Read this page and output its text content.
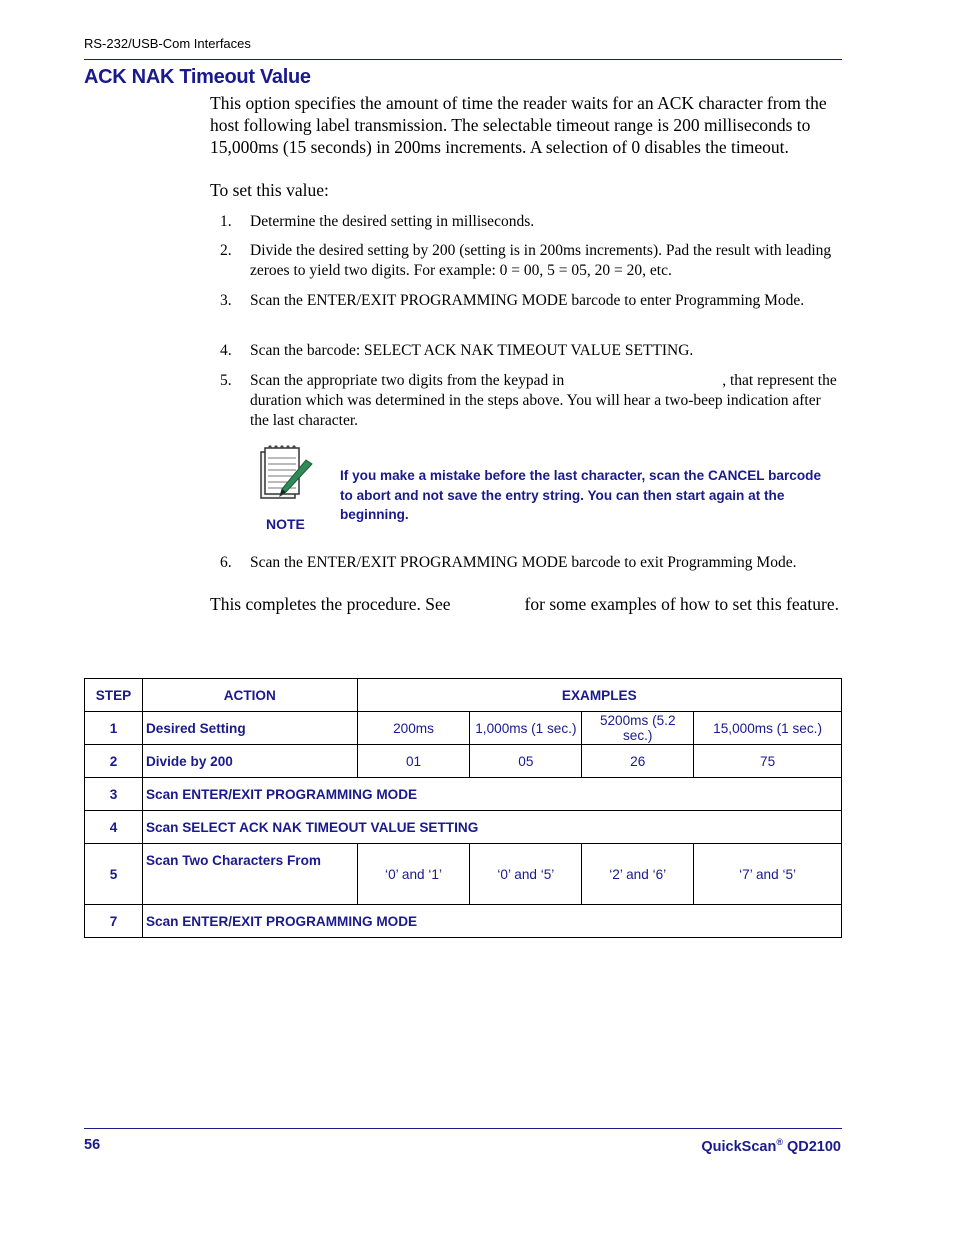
RS-232/USB-Com Interfaces
ACK NAK Timeout Value
This option specifies the amount of time the reader waits for an ACK character from the host following label transmission. The selectable timeout range is 200 milliseconds to 15,000ms (15 seconds) in 200ms increments. A selection of 0 disables the timeout.
To set this value:
1.	Determine the desired setting in milliseconds.
2.	Divide the desired setting by 200 (setting is in 200ms increments). Pad the result with leading zeroes to yield two digits. For example: 0 = 00, 5 = 05, 20 = 20, etc.
3.	Scan the ENTER/EXIT PROGRAMMING MODE barcode to enter Programming Mode.
4.	Scan the barcode: SELECT ACK NAK TIMEOUT VALUE SETTING.
5.	Scan the appropriate two digits from the keypad in	, that represent the duration which was determined in the steps above. You will hear a two-beep indication after the last character.
NOTE
If you make a mistake before the last character, scan the CANCEL barcode to abort and not save the entry string. You can then start again at the beginning.
6.	Scan the ENTER/EXIT PROGRAMMING MODE barcode to exit Programming Mode.
This completes the procedure. See	for some examples of how to set this feature.
STEP	ACTION	EXAMPLES			
1	Desired Setting	200ms	1,000ms (1 sec.)	5200ms (5.2 sec.)	15,000ms (1 sec.)
2	Divide by 200	01	05	26	75
3	Scan ENTER/EXIT PROGRAMMING MODE				
4	Scan SELECT ACK NAK TIMEOUT VALUE SETTING				
5	Scan Two Characters From	‘0’ and ‘1’	‘0’ and ‘5’	‘2’ and ‘6’	‘7’ and ‘5’
7	Scan ENTER/EXIT PROGRAMMING MODE				
56	QuickScan® QD2100
